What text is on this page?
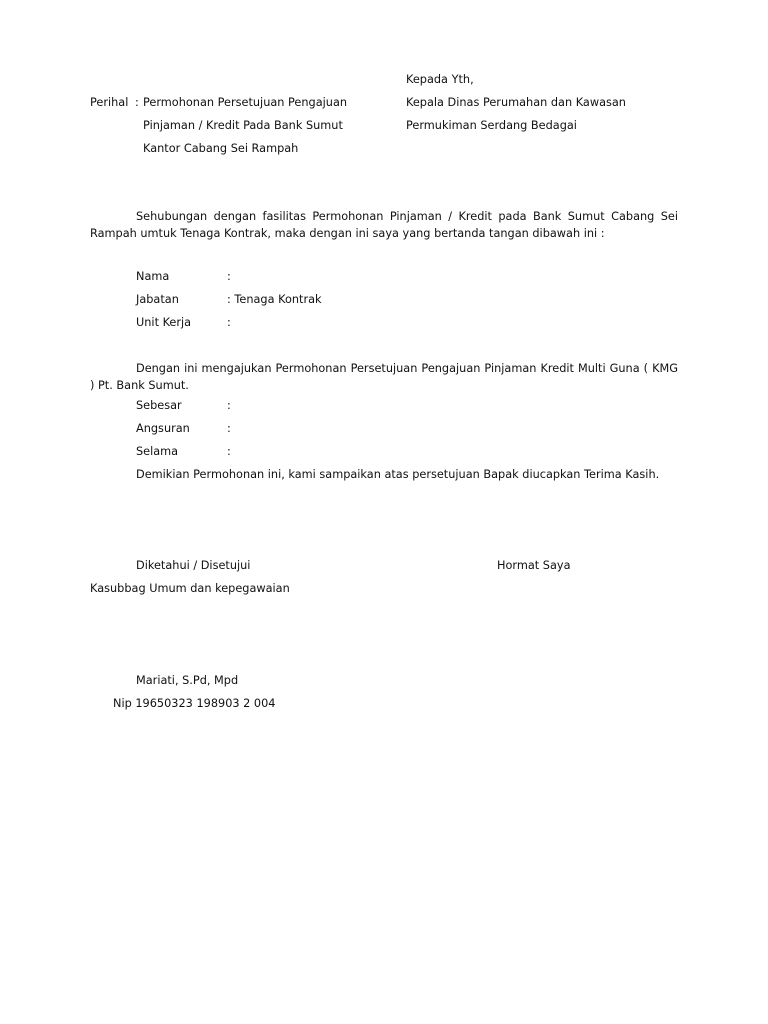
Kepada Yth,
Kepala Dinas Perumahan dan Kawasan
Permukiman Serdang Bedagai
Perihal : Permohonan Persetujuan Pengajuan
Pinjaman / Kredit Pada Bank Sumut
Kantor Cabang Sei Rampah
Sehubungan dengan fasilitas Permohonan Pinjaman / Kredit pada Bank Sumut Cabang Sei Rampah umtuk Tenaga Kontrak, maka dengan ini saya yang bertanda tangan dibawah ini :
Nama	:
Jabatan	: Tenaga Kontrak
Unit Kerja	:
Dengan ini mengajukan Permohonan Persetujuan Pengajuan Pinjaman Kredit Multi Guna ( KMG ) Pt. Bank Sumut.
Sebesar	:
Angsuran	:
Selama	:
Demikian Permohonan ini, kami sampaikan atas persetujuan Bapak diucapkan Terima Kasih.
Diketahui / Disetujui	Hormat Saya
Kasubbag Umum dan kepegawaian
Mariati, S.Pd, Mpd
Nip 19650323 198903 2 004
